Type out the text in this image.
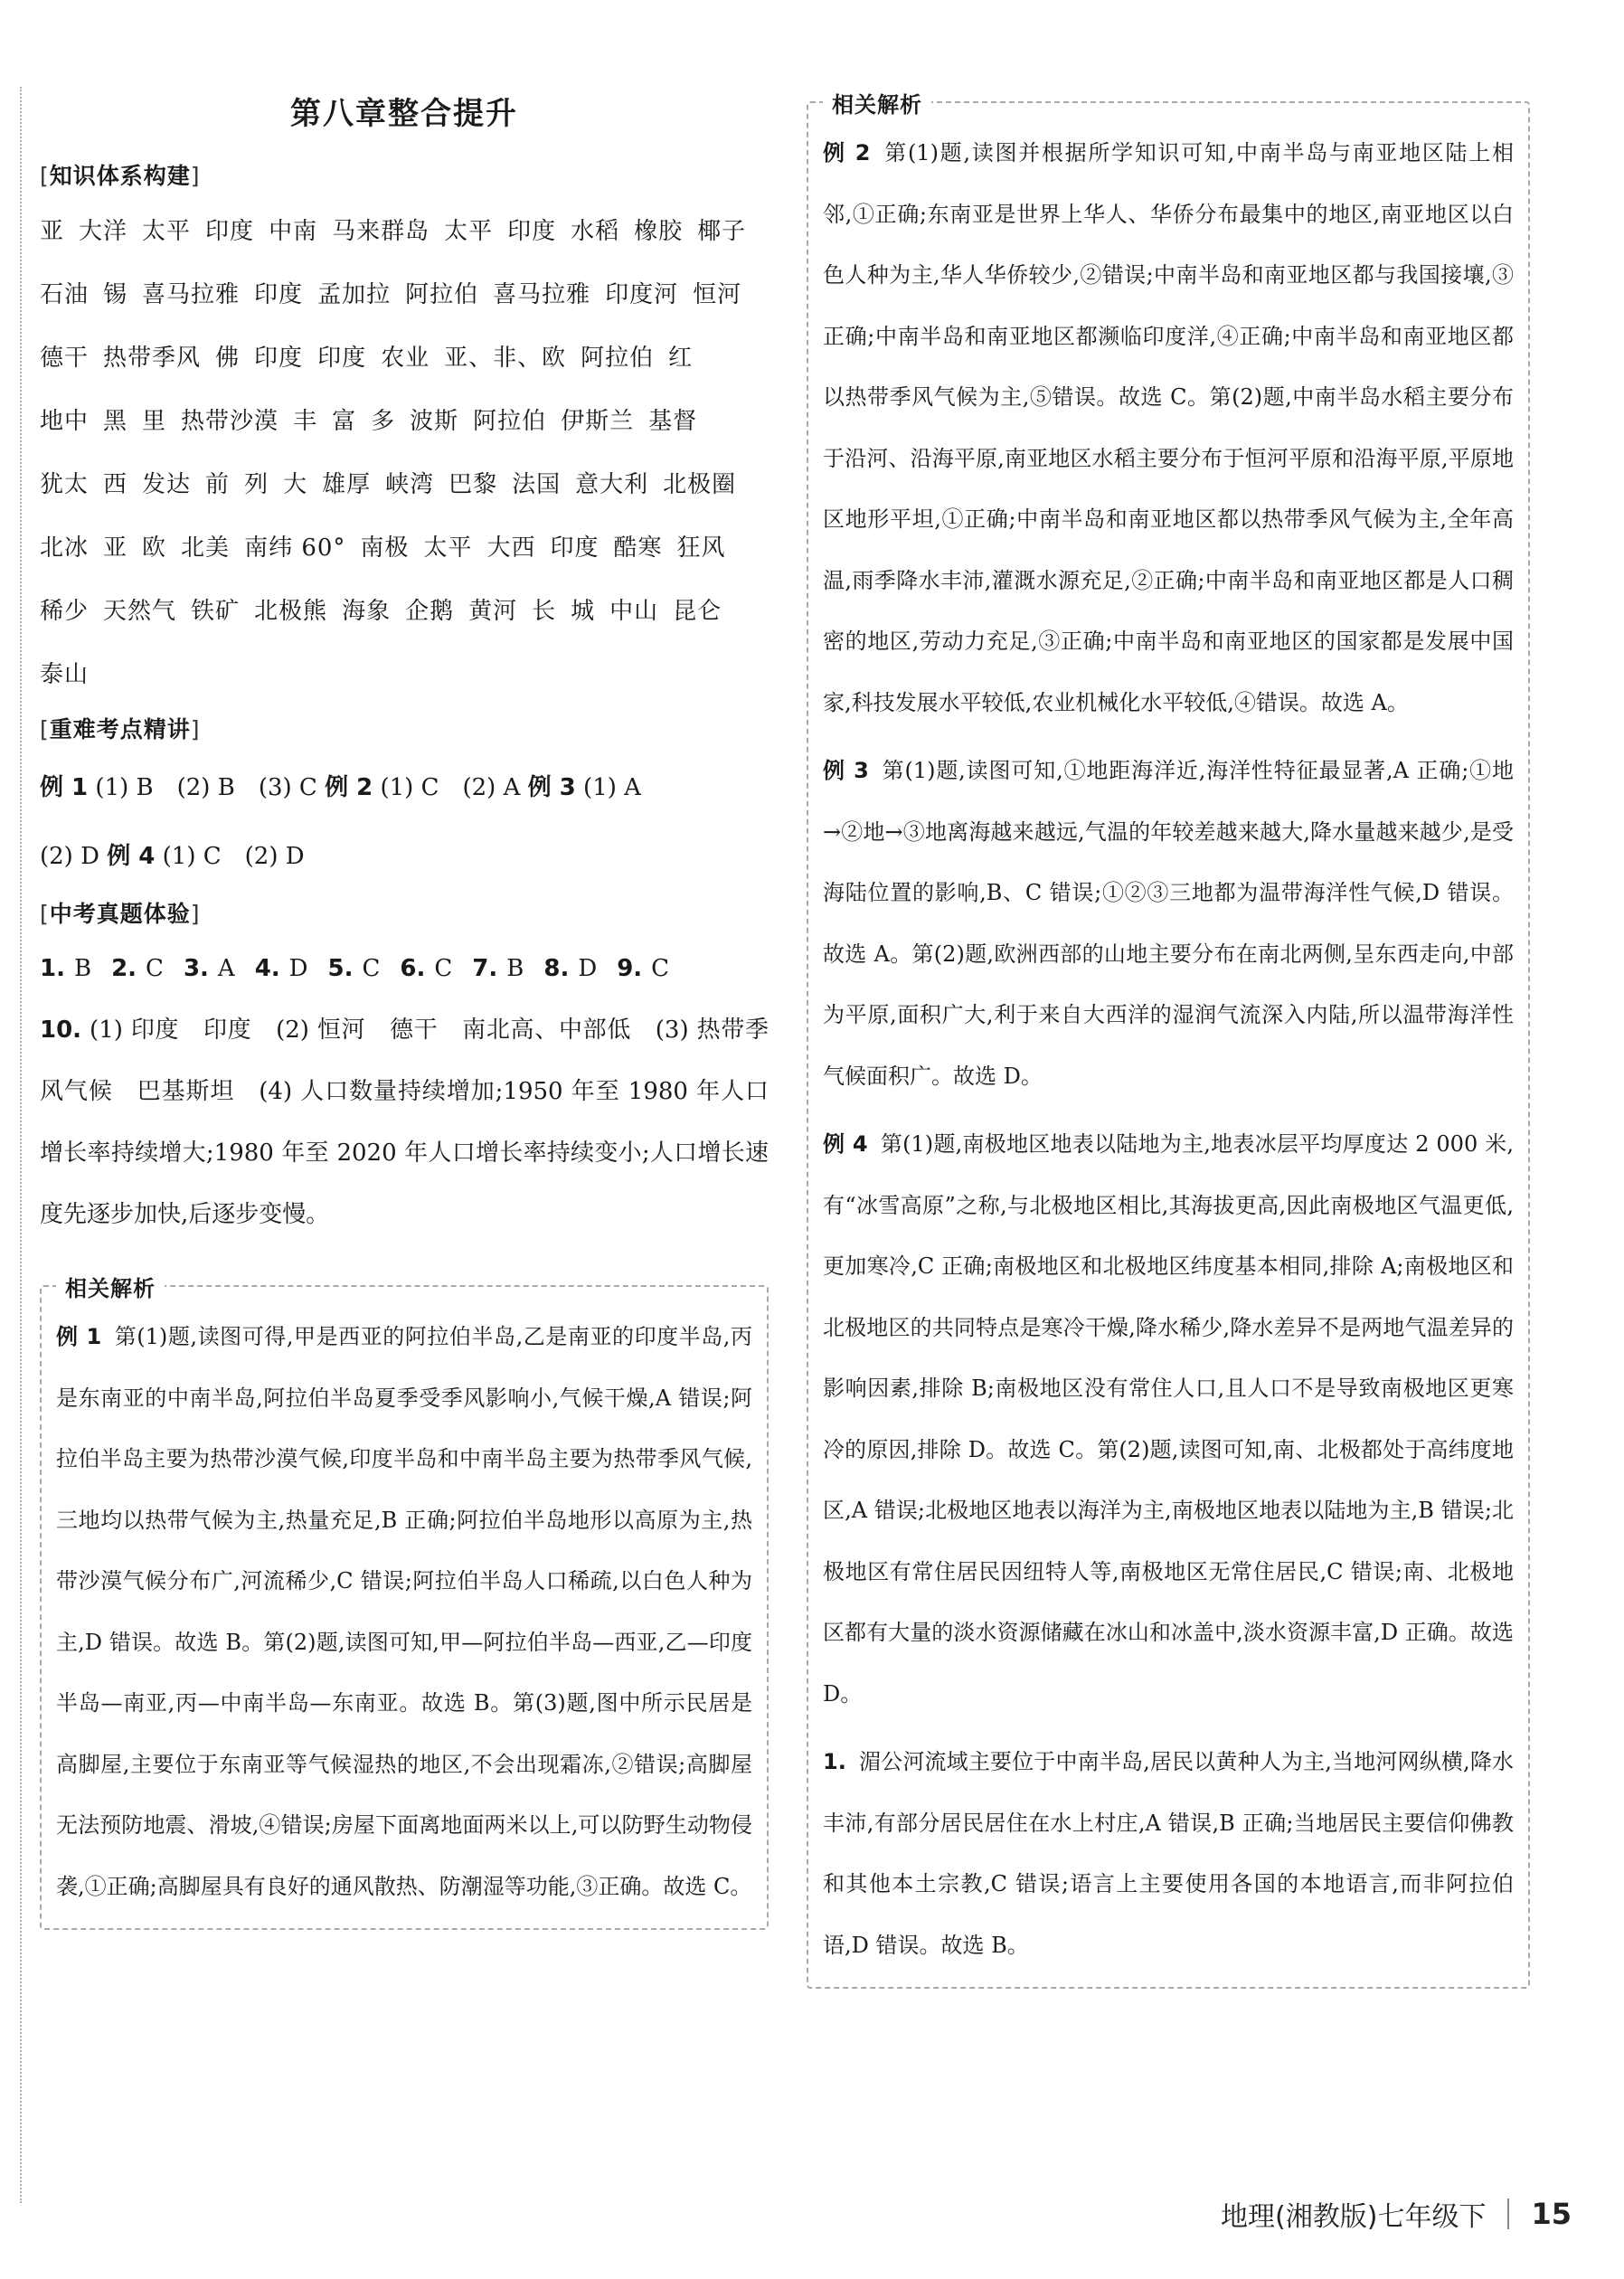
第八章整合提升
[知识体系构建]

亚 大洋 太平 印度 中南 马来群岛 太平 印度 水稻 橡胶 椰子石油 锡 喜马拉雅 印度 孟加拉 阿拉伯 喜马拉雅 印度河 恒河德干 热带季风 佛 印度 印度 农业 亚、非、欧 阿拉伯 红地中 黑 里 热带沙漠 丰 富 多 波斯 阿拉伯 伊斯兰 基督犹太 西 发达 前 列 大 雄厚 峡湾 巴黎 法国 意大利 北极圈北冰 亚 欧 北美 南纬 60° 南极 太平 大西 印度 酷寒 狂风稀少 天然气 铁矿 北极熊 海象 企鹅 黄河 长 城 中山 昆仑泰山

[重难考点精讲]

例 1 (1) B　(2) B　(3) C 例 2 (1) C　(2) A 例 3 (1) A

(2) D 例 4 (1) C　(2) D

[中考真题体验]

1. B 2. C 3. A 4. D 5. C 6. C 7. B 8. D 9. C

10. (1) 印度　印度　(2) 恒河　德干　南北高、中部低　(3) 热带季风气候　巴基斯坦　(4) 人口数量持续增加;1950 年至 1980 年人口增长率持续增大;1980 年至 2020 年人口增长率持续变小;人口增长速度先逐步加快,后逐步变慢。

相关解析

例 1 第(1)题,读图可得,甲是西亚的阿拉伯半岛,乙是南亚的印度半岛,丙是东南亚的中南半岛,阿拉伯半岛夏季受季风影响小,气候干燥,A 错误;阿拉伯半岛主要为热带沙漠气候,印度半岛和中南半岛主要为热带季风气候,三地均以热带气候为主,热量充足,B 正确;阿拉伯半岛地形以高原为主,热带沙漠气候分布广,河流稀少,C 错误;阿拉伯半岛人口稀疏,以白色人种为主,D 错误。故选 B。第(2)题,读图可知,甲—阿拉伯半岛—西亚,乙—印度半岛—南亚,丙—中南半岛—东南亚。故选 B。第(3)题,图中所示民居是高脚屋,主要位于东南亚等气候湿热的地区,不会出现霜冻,②错误;高脚屋无法预防地震、滑坡,④错误;房屋下面离地面两米以上,可以防野生动物侵袭,①正确;高脚屋具有良好的通风散热、防潮湿等功能,③正确。故选 C。

相关解析

例 2 第(1)题,读图并根据所学知识可知,中南半岛与南亚地区陆上相邻,①正确;东南亚是世界上华人、华侨分布最集中的地区,南亚地区以白色人种为主,华人华侨较少,②错误;中南半岛和南亚地区都与我国接壤,③正确;中南半岛和南亚地区都濒临印度洋,④正确;中南半岛和南亚地区都以热带季风气候为主,⑤错误。故选 C。第(2)题,中南半岛水稻主要分布于沿河、沿海平原,南亚地区水稻主要分布于恒河平原和沿海平原,平原地区地形平坦,①正确;中南半岛和南亚地区都以热带季风气候为主,全年高温,雨季降水丰沛,灌溉水源充足,②正确;中南半岛和南亚地区都是人口稠密的地区,劳动力充足,③正确;中南半岛和南亚地区的国家都是发展中国家,科技发展水平较低,农业机械化水平较低,④错误。故选 A。

例 3 第(1)题,读图可知,①地距海洋近,海洋性特征最显著,A 正确;①地→②地→③地离海越来越远,气温的年较差越来越大,降水量越来越少,是受海陆位置的影响,B、C 错误;①②③三地都为温带海洋性气候,D 错误。故选 A。第(2)题,欧洲西部的山地主要分布在南北两侧,呈东西走向,中部为平原,面积广大,利于来自大西洋的湿润气流深入内陆,所以温带海洋性气候面积广。故选 D。

例 4 第(1)题,南极地区地表以陆地为主,地表冰层平均厚度达 2 000 米,有“冰雪高原”之称,与北极地区相比,其海拔更高,因此南极地区气温更低,更加寒冷,C 正确;南极地区和北极地区纬度基本相同,排除 A;南极地区和北极地区的共同特点是寒冷干燥,降水稀少,降水差异不是两地气温差异的影响因素,排除 B;南极地区没有常住人口,且人口不是导致南极地区更寒冷的原因,排除 D。故选 C。第(2)题,读图可知,南、北极都处于高纬度地区,A 错误;北极地区地表以海洋为主,南极地区地表以陆地为主,B 错误;北极地区有常住居民因纽特人等,南极地区无常住居民,C 错误;南、北极地区都有大量的淡水资源储藏在冰山和冰盖中,淡水资源丰富,D 正确。故选 D。

1. 湄公河流域主要位于中南半岛,居民以黄种人为主,当地河网纵横,降水丰沛,有部分居民居住在水上村庄,A 错误,B 正确;当地居民主要信仰佛教和其他本土宗教,C 错误;语言上主要使用各国的本地语言,而非阿拉伯语,D 错误。故选 B。

地理(湘教版)七年级下 15
